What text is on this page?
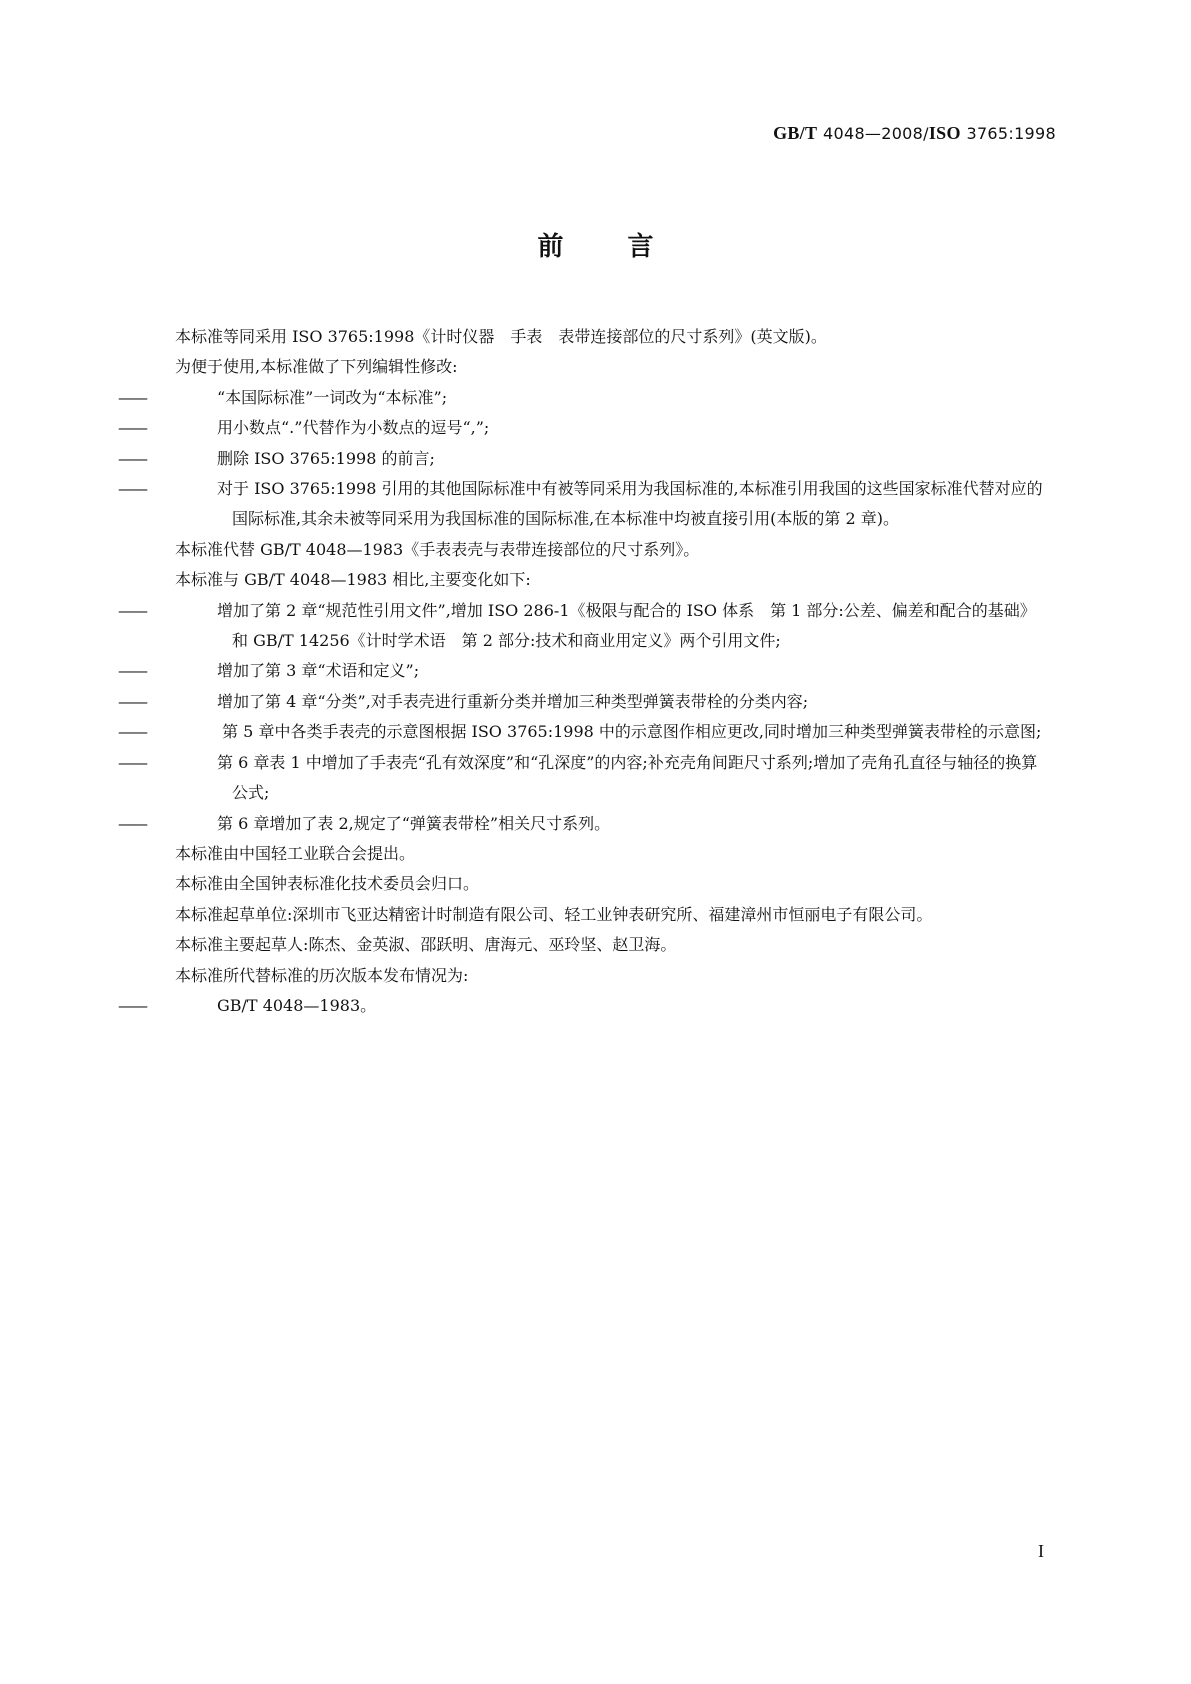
GB/T 4048—2008/ISO 3765:1998
前 言

本标准等同采用 ISO 3765:1998《计时仪器　手表　表带连接部位的尺寸系列》(英文版)。

为便于使用,本标准做了下列编辑性修改:

——	“本国际标准”一词改为“本标准”;

——	用小数点“.”代替作为小数点的逗号“,”;

——	删除 ISO 3765:1998 的前言;

——	对于 ISO 3765:1998 引用的其他国际标准中有被等同采用为我国标准的,本标准引用我国的这些国家标准代替对应的国际标准,其余未被等同采用为我国标准的国际标准,在本标准中均被直接引用(本版的第 2 章)。

本标准代替 GB/T 4048—1983《手表表壳与表带连接部位的尺寸系列》。

本标准与 GB/T 4048—1983 相比,主要变化如下:

——	增加了第 2 章“规范性引用文件”,增加 ISO 286-1《极限与配合的 ISO 体系　第 1 部分:公差、偏差和配合的基础》和 GB/T 14256《计时学术语　第 2 部分:技术和商业用定义》两个引用文件;

——	增加了第 3 章“术语和定义”;

——	增加了第 4 章“分类”,对手表壳进行重新分类并增加三种类型弹簧表带栓的分类内容;

——	第 5 章中各类手表壳的示意图根据 ISO 3765:1998 中的示意图作相应更改,同时增加三种类型弹簧表带栓的示意图;

——	第 6 章表 1 中增加了手表壳“孔有效深度”和“孔深度”的内容;补充壳角间距尺寸系列;增加了壳角孔直径与轴径的换算公式;

——	第 6 章增加了表 2,规定了“弹簧表带栓”相关尺寸系列。

本标准由中国轻工业联合会提出。

本标准由全国钟表标准化技术委员会归口。

本标准起草单位:深圳市飞亚达精密计时制造有限公司、轻工业钟表研究所、福建漳州市恒丽电子有限公司。

本标准主要起草人:陈杰、金英淑、邵跃明、唐海元、巫玲坚、赵卫海。

本标准所代替标准的历次版本发布情况为:

——	GB/T 4048—1983。

I
